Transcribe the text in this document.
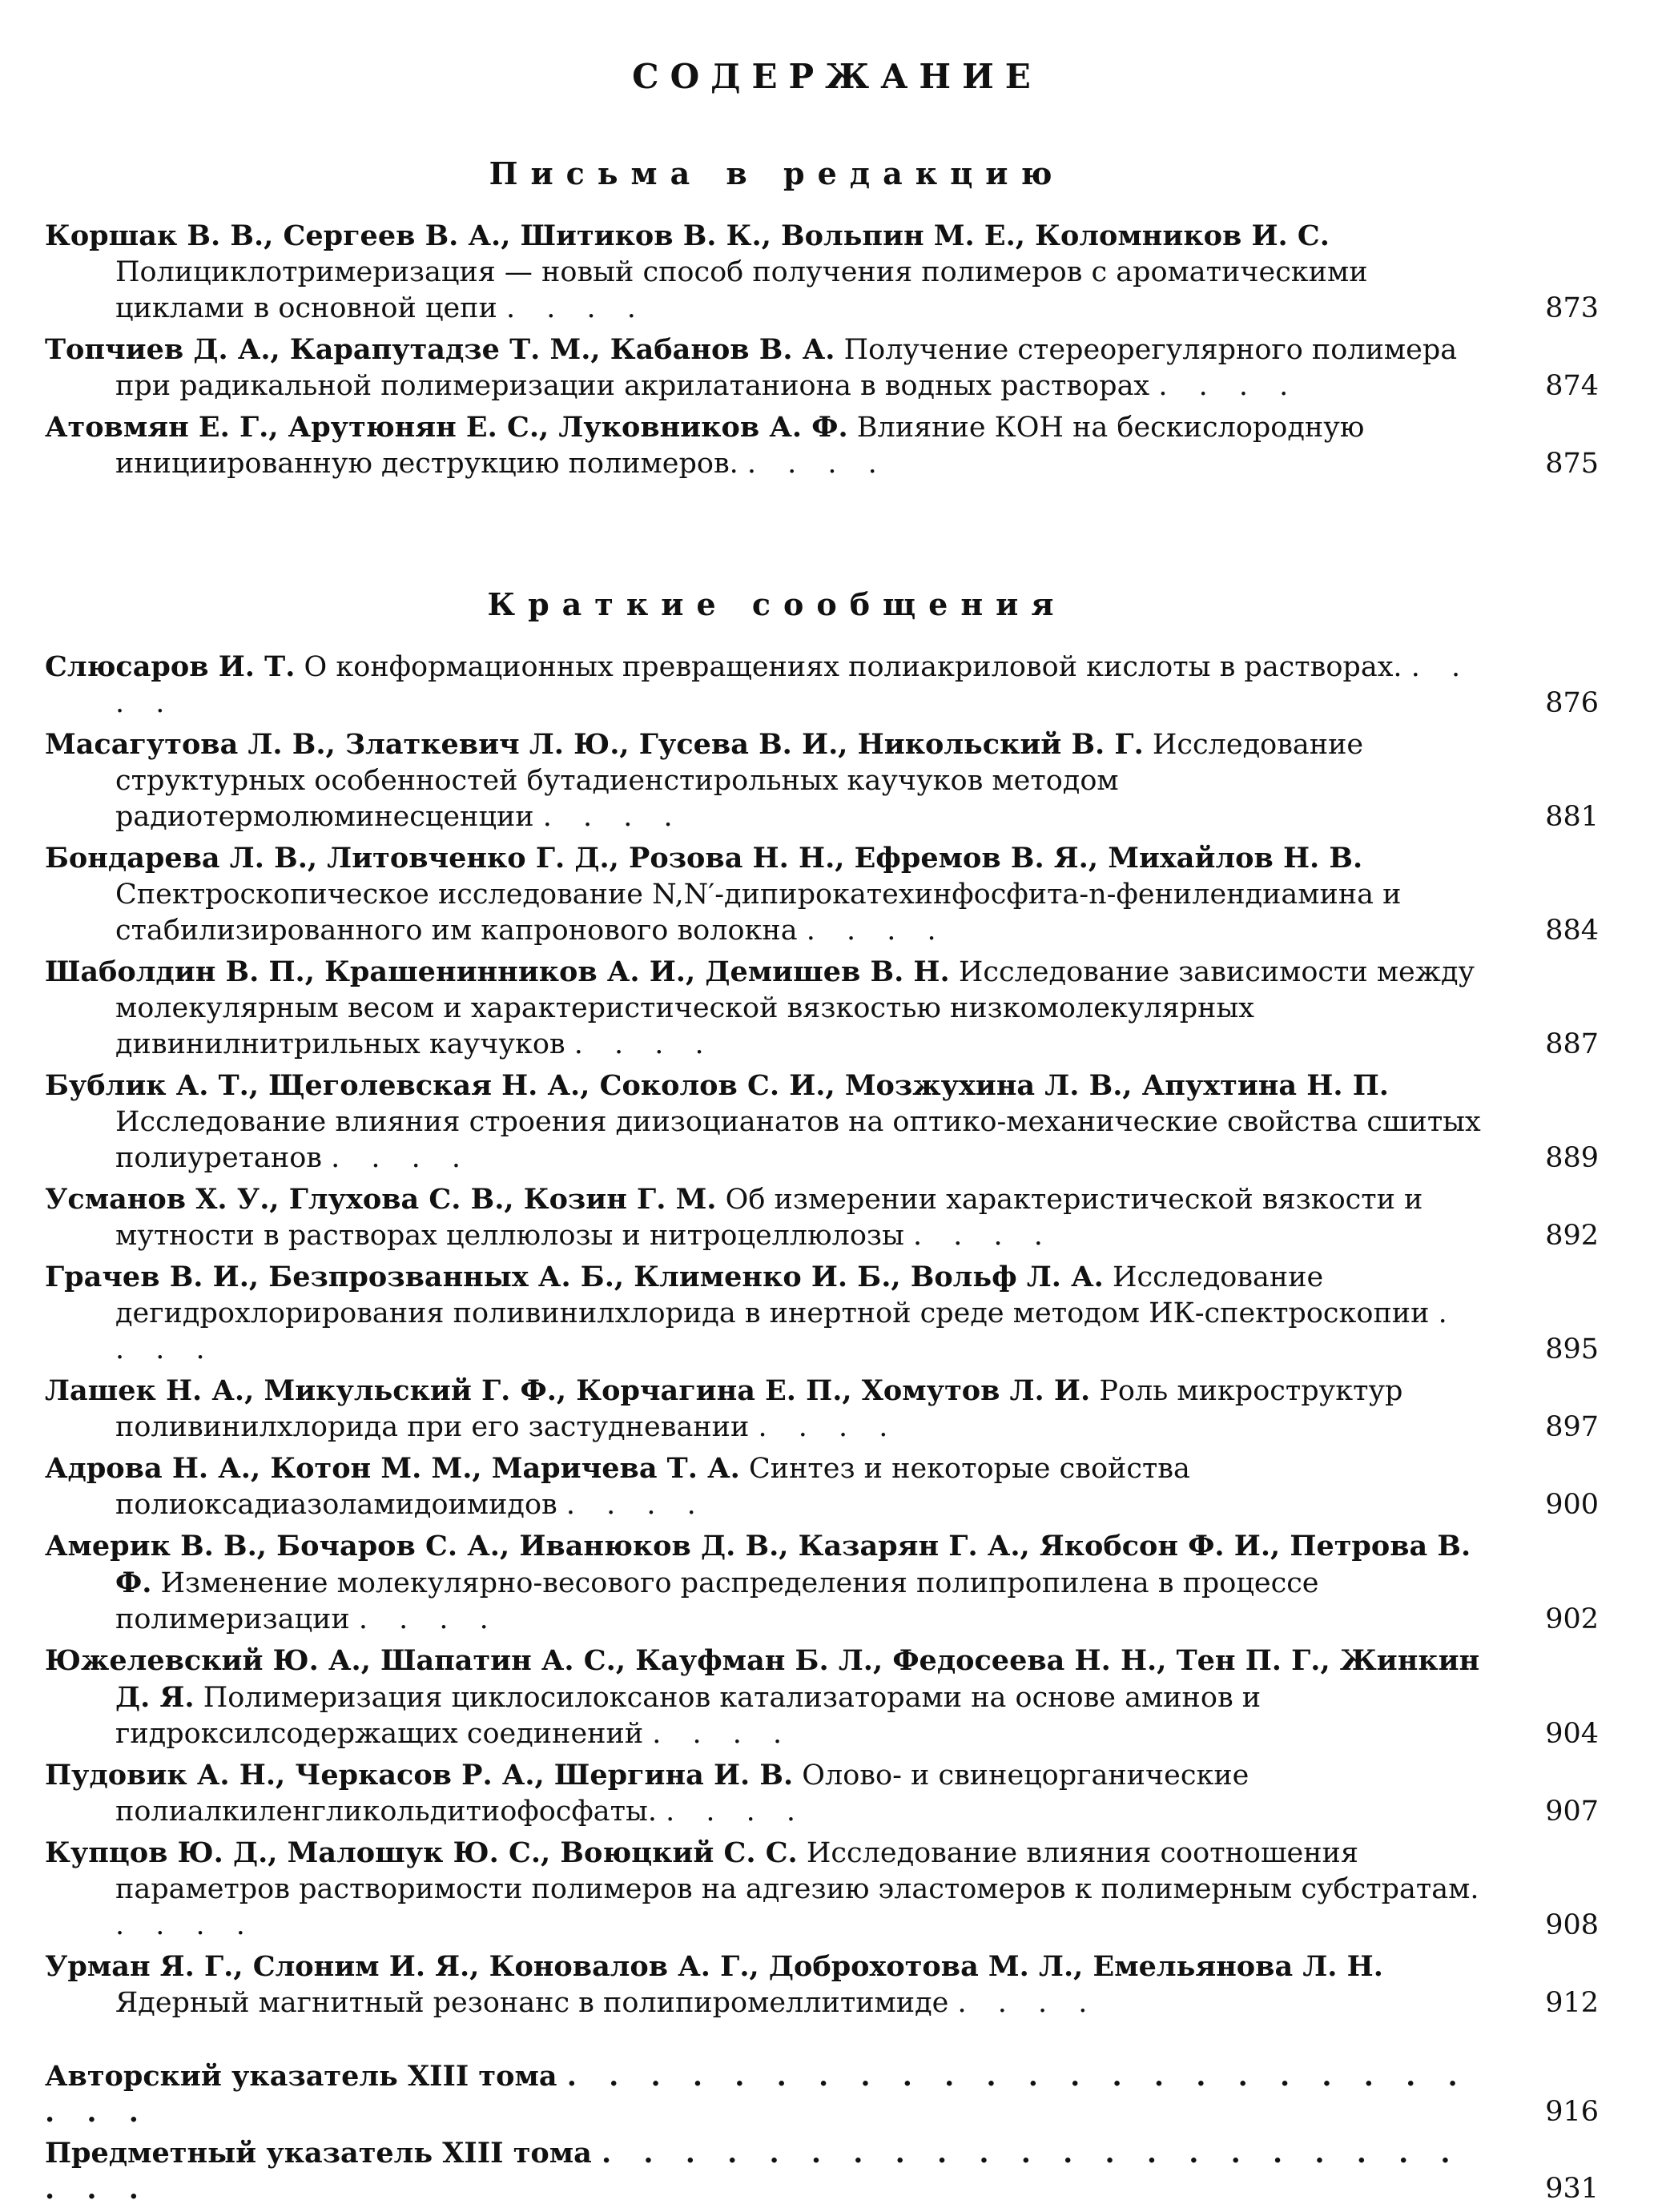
СОДЕРЖАНИЕ
Письма в редакцию
Коршак В. В., Сергеев В. А., Шитиков В. К., Вольпин М. Е., Коломников И. С. Полициклотримеризация — новый способ получения полимеров с ароматическими циклами в основной цепи . . . .	873
Топчиев Д. А., Карапутадзе Т. М., Кабанов В. А. Получение стереорегулярного полимера при радикальной полимеризации акрилатаниона в водных растворах . . . .	874
Атовмян Е. Г., Арутюнян Е. С., Луковников А. Ф. Влияние КОН на бескислородную инициированную деструкцию полимеров. . . . .	875
Краткие сообщения
Слюсаров И. Т. О конформационных превращениях полиакриловой кислоты в растворах. . . . .	876
Масагутова Л. В., Златкевич Л. Ю., Гусева В. И., Никольский В. Г. Исследование структурных особенностей бутадиенстирольных каучуков методом радиотермолюминесценции . . . .	881
Бондарева Л. В., Литовченко Г. Д., Розова Н. Н., Ефремов В. Я., Михайлов Н. В. Спектроскопическое исследование N,N′-дипирокатехинфосфита-n-фенилендиамина и стабилизированного им капронового волокна . . . .	884
Шаболдин В. П., Крашенинников А. И., Демишев В. Н. Исследование зависимости между молекулярным весом и характеристической вязкостью низкомолекулярных дивинилнитрильных каучуков . . . .	887
Бублик А. Т., Щеголевская Н. А., Соколов С. И., Мозжухина Л. В., Апухтина Н. П. Исследование влияния строения диизоцианатов на оптико-механические свойства сшитых полиуретанов . . . .	889
Усманов Х. У., Глухова С. В., Козин Г. М. Об измерении характеристической вязкости и мутности в растворах целлюлозы и нитроцеллюлозы . . . .	892
Грачев В. И., Безпрозванных А. Б., Клименко И. Б., Вольф Л. А. Исследование дегидрохлорирования поливинилхлорида в инертной среде методом ИК-спектроскопии . . . .	895
Лашек Н. А., Микульский Г. Ф., Корчагина Е. П., Хомутов Л. И. Роль микроструктур поливинилхлорида при его застудневании . . . .	897
Адрова Н. А., Котон М. М., Маричева Т. А. Синтез и некоторые свойства полиоксадиазоламидоимидов . . . .	900
Америк В. В., Бочаров С. А., Иванюков Д. В., Казарян Г. А., Якобсон Ф. И., Петрова В. Ф. Изменение молекулярно-весового распределения полипропилена в процессе полимеризации . . . .	902
Южелевский Ю. А., Шапатин А. С., Кауфман Б. Л., Федосеева Н. Н., Тен П. Г., Жинкин Д. Я. Полимеризация циклосилоксанов катализаторами на основе аминов и гидроксилсодержащих соединений . . . .	904
Пудовик А. Н., Черкасов Р. А., Шергина И. В. Олово- и свинецорганические полиалкиленгликольдитиофосфаты. . . . .	907
Купцов Ю. Д., Малошук Ю. С., Воюцкий С. С. Исследование влияния соотношения параметров растворимости полимеров на адгезию эластомеров к полимерным субстратам. . . . .	908
Урман Я. Г., Слоним И. Я., Коновалов А. Г., Доброхотова М. Л., Емельянова Л. Н. Ядерный магнитный резонанс в полипиромеллитимиде . . . .	912
Авторский указатель XIII тома . . . . . . . . . . . . . . . . . . . . . . . . .	916
Предметный указатель XIII тома . . . . . . . . . . . . . . . . . . . . . . . .	931
